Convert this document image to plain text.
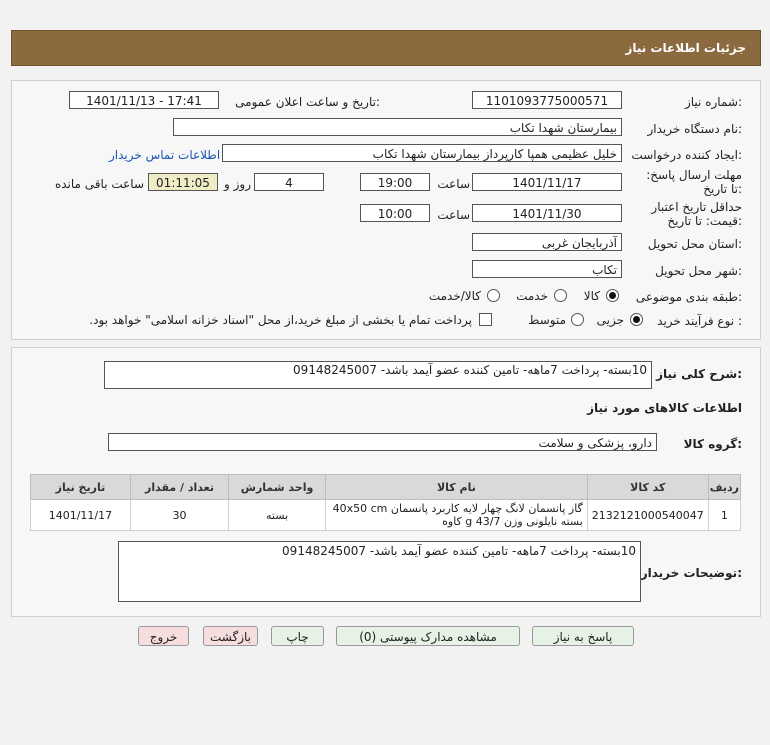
جزئیات اطلاعات نیاز
شماره نیاز:
1101093775000571
تاریخ و ساعت اعلان عمومی:
1401/11/13 - 17:41
نام دستگاه خریدار:
بیمارستان شهدا تکاب
ایجاد کننده درخواست:
خلیل عظیمی همپا کارپرداز بیمارستان شهدا تکاب
اطلاعات تماس خریدار
مهلت ارسال پاسخ: تا تاریخ:
1401/11/17
ساعت
19:00
4
روز و
01:11:05
ساعت باقی مانده
حداقل تاریخ اعتبار قیمت: تا تاریخ:
1401/11/30
ساعت
10:00
استان محل تحویل:
آذربایجان غربی
شهر محل تحویل:
تکاب
طبقه بندی موضوعی:
کالا
خدمت
کالا/خدمت
نوع فرآیند خرید :
جزیی
متوسط
پرداخت تمام یا بخشی از مبلغ خرید،از محل "اسناد خزانه اسلامی" خواهد بود.
شرح کلی نیاز:
10بسته- پرداخت 7ماهه- تامین کننده عضو آیمد باشد- 09148245007
اطلاعات کالاهای مورد نیاز
گروه کالا:
دارو، پزشکی و سلامت
ردیف	کد کالا	نام کالا	واحد شمارش	تعداد / مقدار	تاریخ نیاز
1	2132121000540047	گاز پانسمان لانگ چهار لایه کاربرد پانسمان 40x50 cm بسته نایلونی وزن 43/7 g کاوه	بسته	30	1401/11/17
توضیحات خریدار:
10بسته- پرداخت 7ماهه- تامین کننده عضو آیمد باشد- 09148245007
پاسخ به نیاز
مشاهده مدارک پیوستی (0)
چاپ
بازگشت
خروج
